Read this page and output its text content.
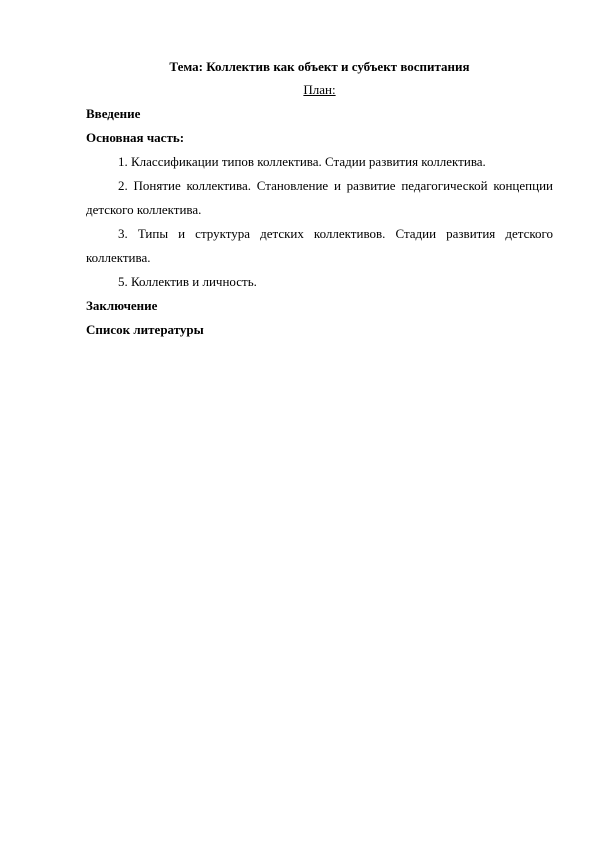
Тема: Коллектив как объект и субъект воспитания

План:

Введение

Основная часть:

1. Классификации типов коллектива. Стадии развития коллектива.

2. Понятие коллектива. Становление и развитие педагогической концепции детского коллектива.

3. Типы и структура детских коллективов. Стадии развития детского коллектива.

5. Коллектив и личность.

Заключение

Список литературы
